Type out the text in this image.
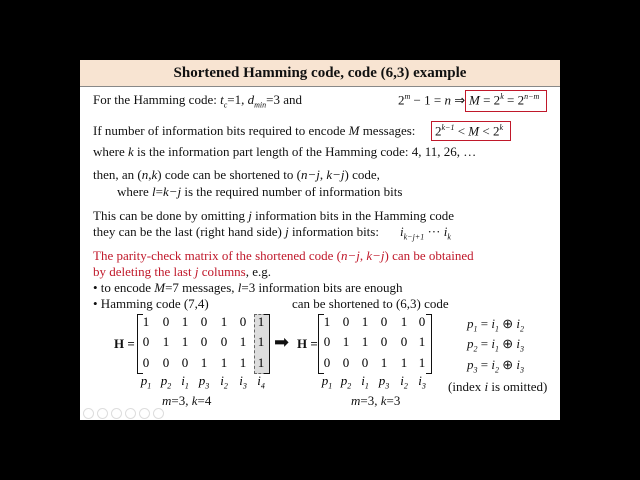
Shortened Hamming code, code (6,3) example
For the Hamming code: $t_c=1$, $d_{min}=3$ and	$2^m - 1 = n$ ⇒ $M = 2^k = 2^{n-m}$
If number of information bits required to encode M messages: $2^{k-1} < M < 2^k$
where k is the information part length of the Hamming code: 4, 11, 26, …
then, an (n,k) code can be shortened to (n−j, k−j) code,
where l=k−j is the required number of information bits
This can be done by omitting j information bits in the Hamming code
they can be the last (right hand side) j information bits: $i_{k-j+1}$ ··· $i_k$
The parity-check matrix of the shortened code (n−j, k−j) can be obtained
by deleting the last j columns, e.g.
• to encode M=7 messages, l=3 information bits are enough
• Hamming code (7,4)	can be shortened to (6,3) code
H =
1 0 1 0 1 0 1
0 1 1 0 0 1 1
0 0 0 1 1 1 1
$p_1$ $p_2$ $i_1$ $p_3$ $i_2$ $i_3$ $i_4$
m=3, k=4
➡ H =
1 0 1 0 1 0
0 1 1 0 0 1
0 0 0 1 1 1
$p_1$ $p_2$ $i_1$ $p_3$ $i_2$ $i_3$
m=3, k=3
$p_1 = i_1$ ⊕ $i_2$
$p_2 = i_1$ ⊕ $i_3$
$p_3 = i_2$ ⊕ $i_3$
(index i is omitted)
